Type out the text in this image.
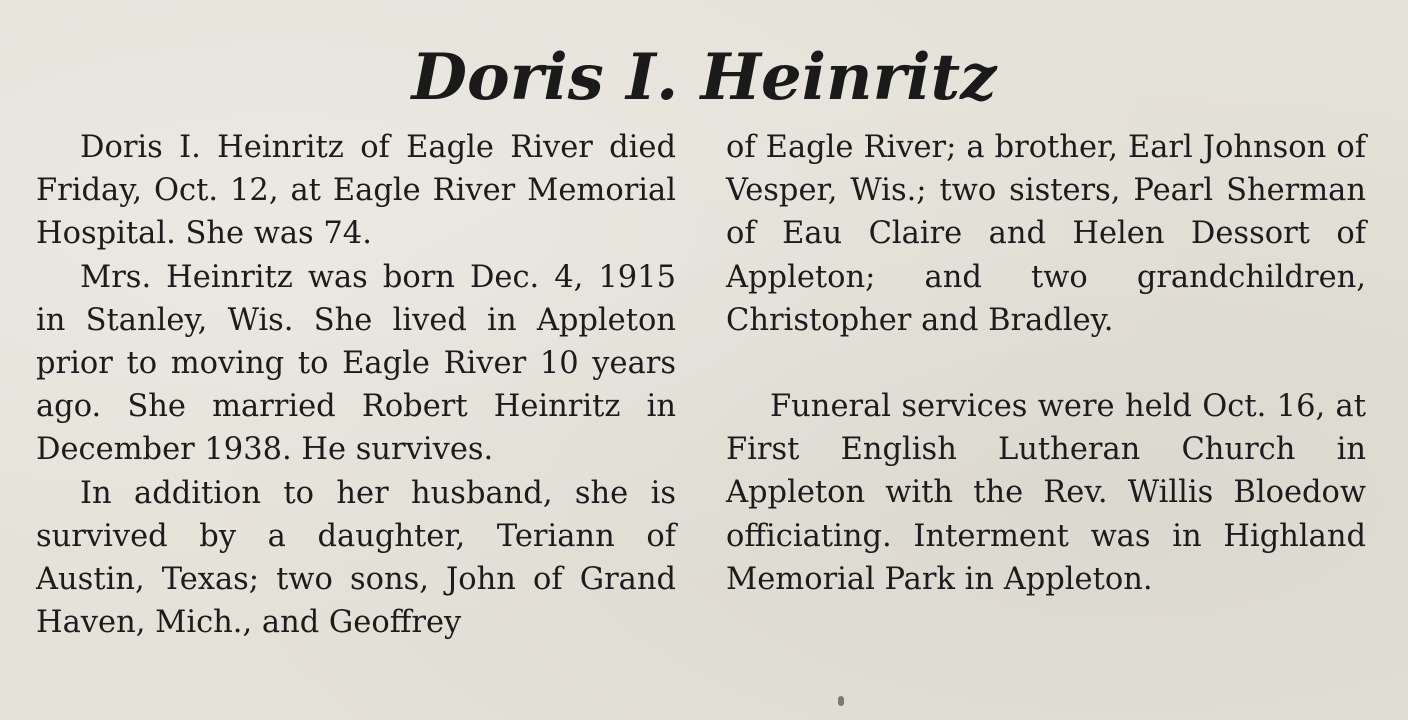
Doris I. Heinritz

Doris I. Heinritz of Eagle River died Friday, Oct. 12, at Eagle River Memorial Hospital. She was 74.

Mrs. Heinritz was born Dec. 4, 1915 in Stanley, Wis. She lived in Appleton prior to moving to Eagle River 10 years ago. She married Robert Heinritz in December 1938. He survives.

In addition to her husband, she is survived by a daughter, Teriann of Austin, Texas; two sons, John of Grand Haven, Mich., and Geoffrey

of Eagle River; a brother, Earl Johnson of Vesper, Wis.; two sisters, Pearl Sherman of Eau Claire and Helen Dessort of Appleton; and two grandchildren, Christopher and Bradley.

Funeral services were held Oct. 16, at First English Lutheran Church in Appleton with the Rev. Willis Bloedow officiating. Interment was in Highland Memorial Park in Appleton.
